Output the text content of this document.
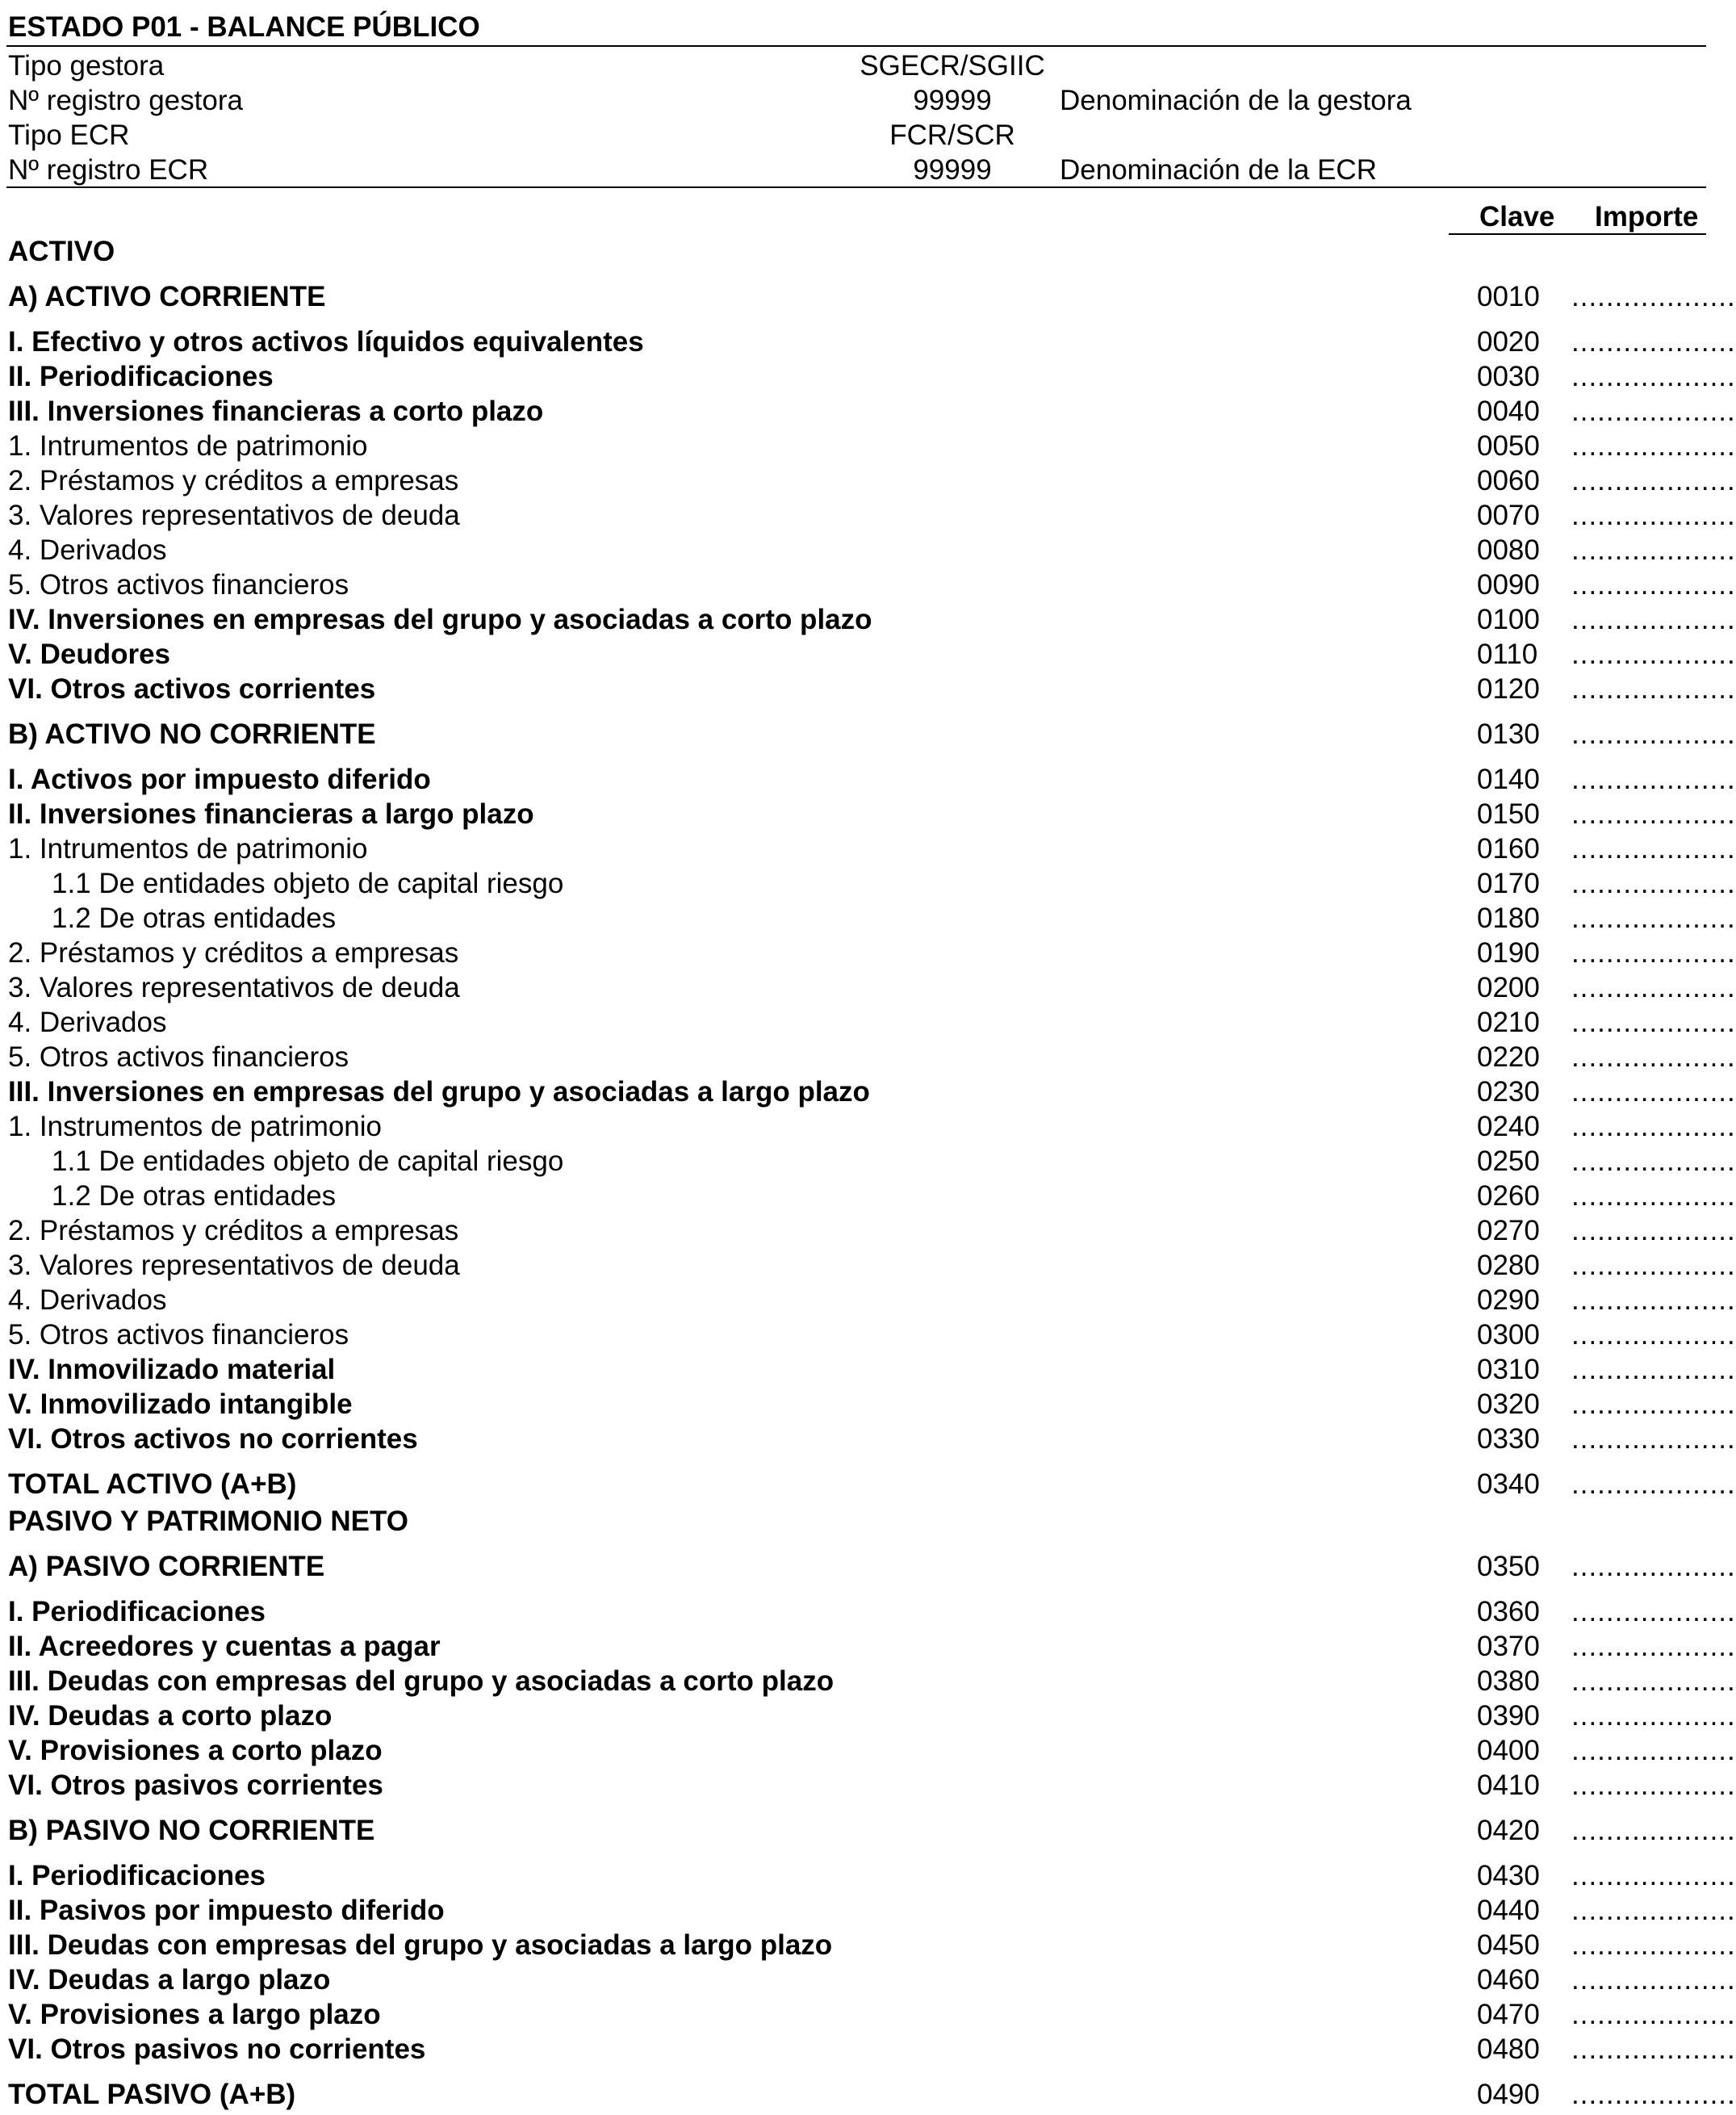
ESTADO P01 - BALANCE PÚBLICO
Tipo gestora	SGECR/SGIIC
Nº registro gestora	99999	Denominación de la gestora
Tipo ECR	FCR/SCR
Nº registro ECR	99999	Denominación de la ECR
Clave Importe
ACTIVO
PASIVO Y PATRIMONIO NETO
A) ACTIVO CORRIENTE	0010 ...................
I. Efectivo y otros activos líquidos equivalentes	0020 ...................
II. Periodificaciones	0030 ...................
III. Inversiones financieras a corto plazo	0040 ...................
1. Intrumentos de patrimonio	0050 ...................
2. Préstamos y créditos a empresas	0060 ...................
3. Valores representativos de deuda	0070 ...................
4. Derivados	0080 ...................
5. Otros activos financieros	0090 ...................
IV. Inversiones en empresas del grupo y asociadas a corto plazo	0100 ...................
V. Deudores	0110 ...................
VI. Otros activos corrientes	0120 ...................
B) ACTIVO NO CORRIENTE	0130 ...................
I. Activos por impuesto diferido	0140 ...................
II. Inversiones financieras a largo plazo	0150 ...................
1. Intrumentos de patrimonio	0160 ...................
1.1 De entidades objeto de capital riesgo	0170 ...................
1.2 De otras entidades	0180 ...................
2. Préstamos y créditos a empresas	0190 ...................
3. Valores representativos de deuda	0200 ...................
4. Derivados	0210 ...................
5. Otros activos financieros	0220 ...................
III. Inversiones en empresas del grupo y asociadas a largo plazo	0230 ...................
1. Instrumentos de patrimonio	0240 ...................
1.1 De entidades objeto de capital riesgo	0250 ...................
1.2 De otras entidades	0260 ...................
2. Préstamos y créditos a empresas	0270 ...................
3. Valores representativos de deuda	0280 ...................
4. Derivados	0290 ...................
5. Otros activos financieros	0300 ...................
IV. Inmovilizado material	0310 ...................
V. Inmovilizado intangible	0320 ...................
VI. Otros activos no corrientes	0330 ...................
TOTAL ACTIVO (A+B)	0340 ...................
A) PASIVO CORRIENTE	0350 ...................
I. Periodificaciones	0360 ...................
II. Acreedores y cuentas a pagar	0370 ...................
III. Deudas con empresas del grupo y asociadas a corto plazo	0380 ...................
IV. Deudas a corto plazo	0390 ...................
V. Provisiones a corto plazo	0400 ...................
VI. Otros pasivos corrientes	0410 ...................
B) PASIVO NO CORRIENTE	0420 ...................
I. Periodificaciones	0430 ...................
II. Pasivos por impuesto diferido	0440 ...................
III. Deudas con empresas del grupo y asociadas a largo plazo	0450 ...................
IV. Deudas a largo plazo	0460 ...................
V. Provisiones a largo plazo	0470 ...................
VI. Otros pasivos no corrientes	0480 ...................
TOTAL PASIVO (A+B)	0490 ...................
